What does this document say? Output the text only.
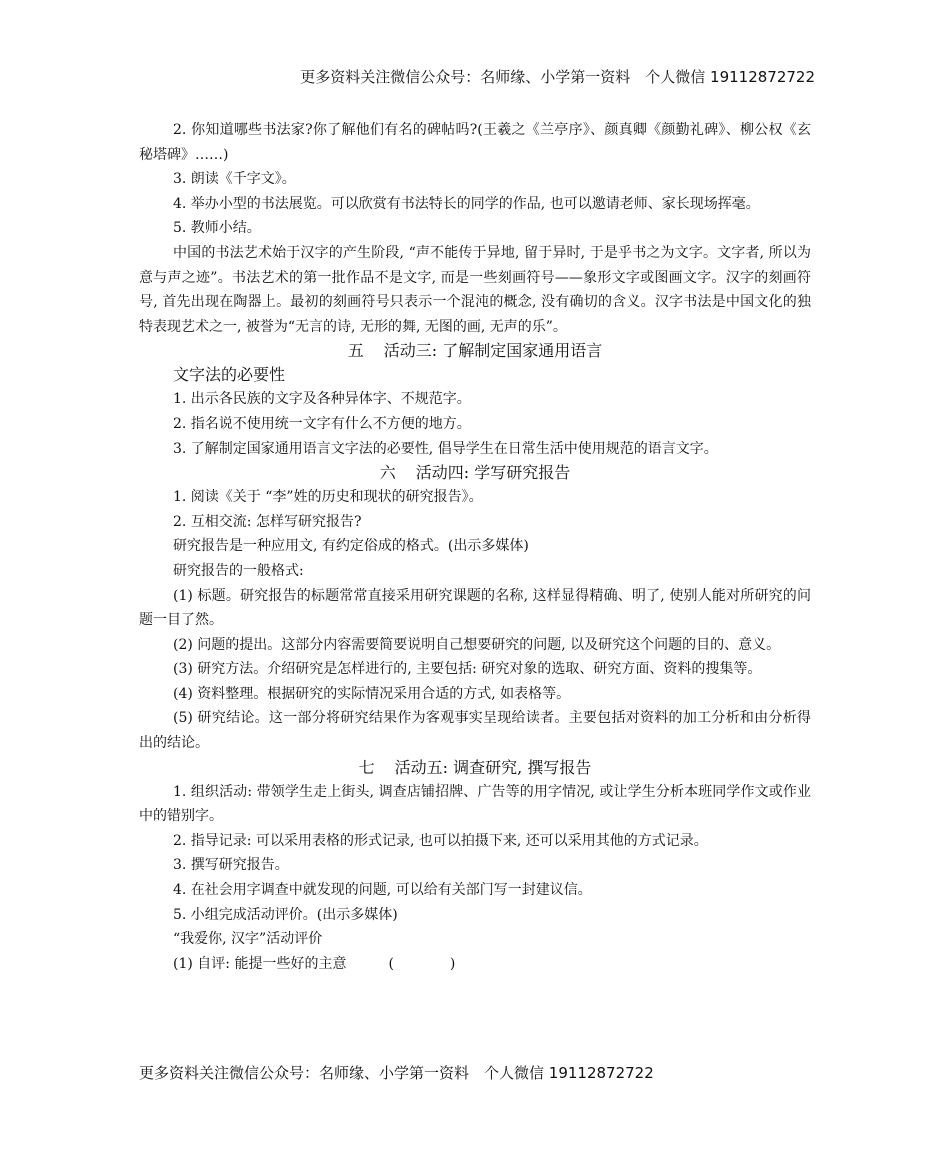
更多资料关注微信公众号：名师缘、小学第一资料　个人微信 19112872722

2. 你知道哪些书法家?你了解他们有名的碑帖吗?(王羲之《兰亭序》、颜真卿《颜勤礼碑》、柳公权《玄秘塔碑》……)

3. 朗读《千字文》。

4. 举办小型的书法展览。可以欣赏有书法特长的同学的作品, 也可以邀请老师、家长现场挥毫。

5. 教师小结。

中国的书法艺术始于汉字的产生阶段, “声不能传于异地, 留于异时, 于是乎书之为文字。文字者, 所以为意与声之迹”。书法艺术的第一批作品不是文字, 而是一些刻画符号——象形文字或图画文字。汉字的刻画符号, 首先出现在陶器上。最初的刻画符号只表示一个混沌的概念, 没有确切的含义。汉字书法是中国文化的独特表现艺术之一, 被誉为“无言的诗, 无形的舞, 无图的画, 无声的乐”。

五 活动三: 了解制定国家通用语言

文字法的必要性

1. 出示各民族的文字及各种异体字、不规范字。

2. 指名说不使用统一文字有什么不方便的地方。

3. 了解制定国家通用语言文字法的必要性, 倡导学生在日常生活中使用规范的语言文字。

六 活动四: 学写研究报告

1. 阅读《关于 “李”姓的历史和现状的研究报告》。

2. 互相交流: 怎样写研究报告?

研究报告是一种应用文, 有约定俗成的格式。(出示多媒体)

研究报告的一般格式:

(1) 标题。研究报告的标题常常直接采用研究课题的名称, 这样显得精确、明了, 使别人能对所研究的问题一目了然。

(2) 问题的提出。这部分内容需要简要说明自己想要研究的问题, 以及研究这个问题的目的、意义。

(3) 研究方法。介绍研究是怎样进行的, 主要包括: 研究对象的选取、研究方面、资料的搜集等。

(4) 资料整理。根据研究的实际情况采用合适的方式, 如表格等。

(5) 研究结论。这一部分将研究结果作为客观事实呈现给读者。主要包括对资料的加工分析和由分析得出的结论。

七 活动五: 调查研究, 撰写报告

1. 组织活动: 带领学生走上街头, 调查店铺招牌、广告等的用字情况, 或让学生分析本班同学作文或作业中的错别字。

2. 指导记录: 可以采用表格的形式记录, 也可以拍摄下来, 还可以采用其他的方式记录。

3. 撰写研究报告。

4. 在社会用字调查中就发现的问题, 可以给有关部门写一封建议信。

5. 小组完成活动评价。(出示多媒体)

“我爱你, 汉字”活动评价

(1) 自评: 能提一些好的主意　　　(　　　　)

更多资料关注微信公众号：名师缘、小学第一资料　个人微信 19112872722
